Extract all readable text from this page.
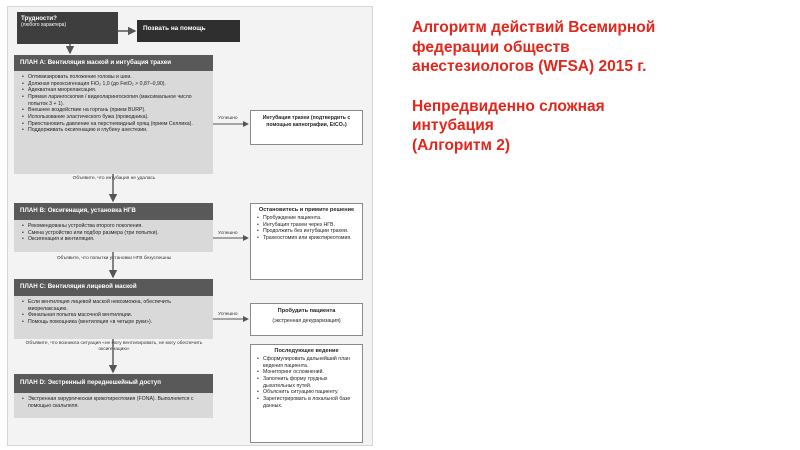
Трудности?
(любого характера)	Позвать на помощь
ПЛАН А: Вентиляция маской и интубация трахеи
• Оптимизировать положение головы и шеи.
• Должная преоксигенация FiO₂ 1,0 (до FetO₂ > 0,87–0,90).
• Адекватная миорелаксация.
• Прямая ларингоскопия / видеоларингоскопия (максимальное число попыток 3 + 1).
• Внешнее воздействие на гортань (прием BURP).
• Использование эластического бужа (проводника).
• Приостановить давление на перстневидный хрящ (прием Селлика).
• Поддерживать оксигенацию и глубину анестезии.
Успешно	Интубация трахеи (подтвердить с помощью капнографии, EtCO₂)
Объявите, что интубация не удалась
ПЛАН B: Оксигенация, установка НГВ
• Рекомендованы устройства второго поколения.
• Смена устройство или подбор размера (три попытки).
• Оксигенация и вентиляция.
Успешно
Остановитесь и примите решение
• Пробуждение пациента.
• Интубация трахеи через НГВ.
• Продолжить без интубации трахеи.
• Трахеостомия или крикотиреотомия.
Объявите, что попытки установки НГВ безуспешны
ПЛАН C: Вентиляция лицевой маской
• Если вентиляция лицевой маской невозможна, обеспечить миорелаксацию.
• Финальная попытка масочной вентиляции.
• Помощь помощника (вентиляция «в четыре руки»).
Успешно
Пробудить пациента
(экстренная декураризация)
Объявите, что возникла ситуация «не могу вентилировать, не могу обеспечить оксигенацию»
ПЛАН D: Экстренный переднешейный доступ
• Экстренная хирургическая крикотиреотомия (FONA). Выполняется с помощью скальпеля.
Последующее ведение
• Сформулировать дальнейший план ведения пациента.
• Мониторинг осложнений.
• Заполнить форму трудных дыхательных путей.
• Объяснить ситуацию пациенту.
• Зарегистрировать в локальной базе данных.
Алгоритм действий Всемирной
федерации обществ
анестезиологов (WFSA) 2015 г.
Непредвиденно сложная
интубация
(Алгоритм 2)
